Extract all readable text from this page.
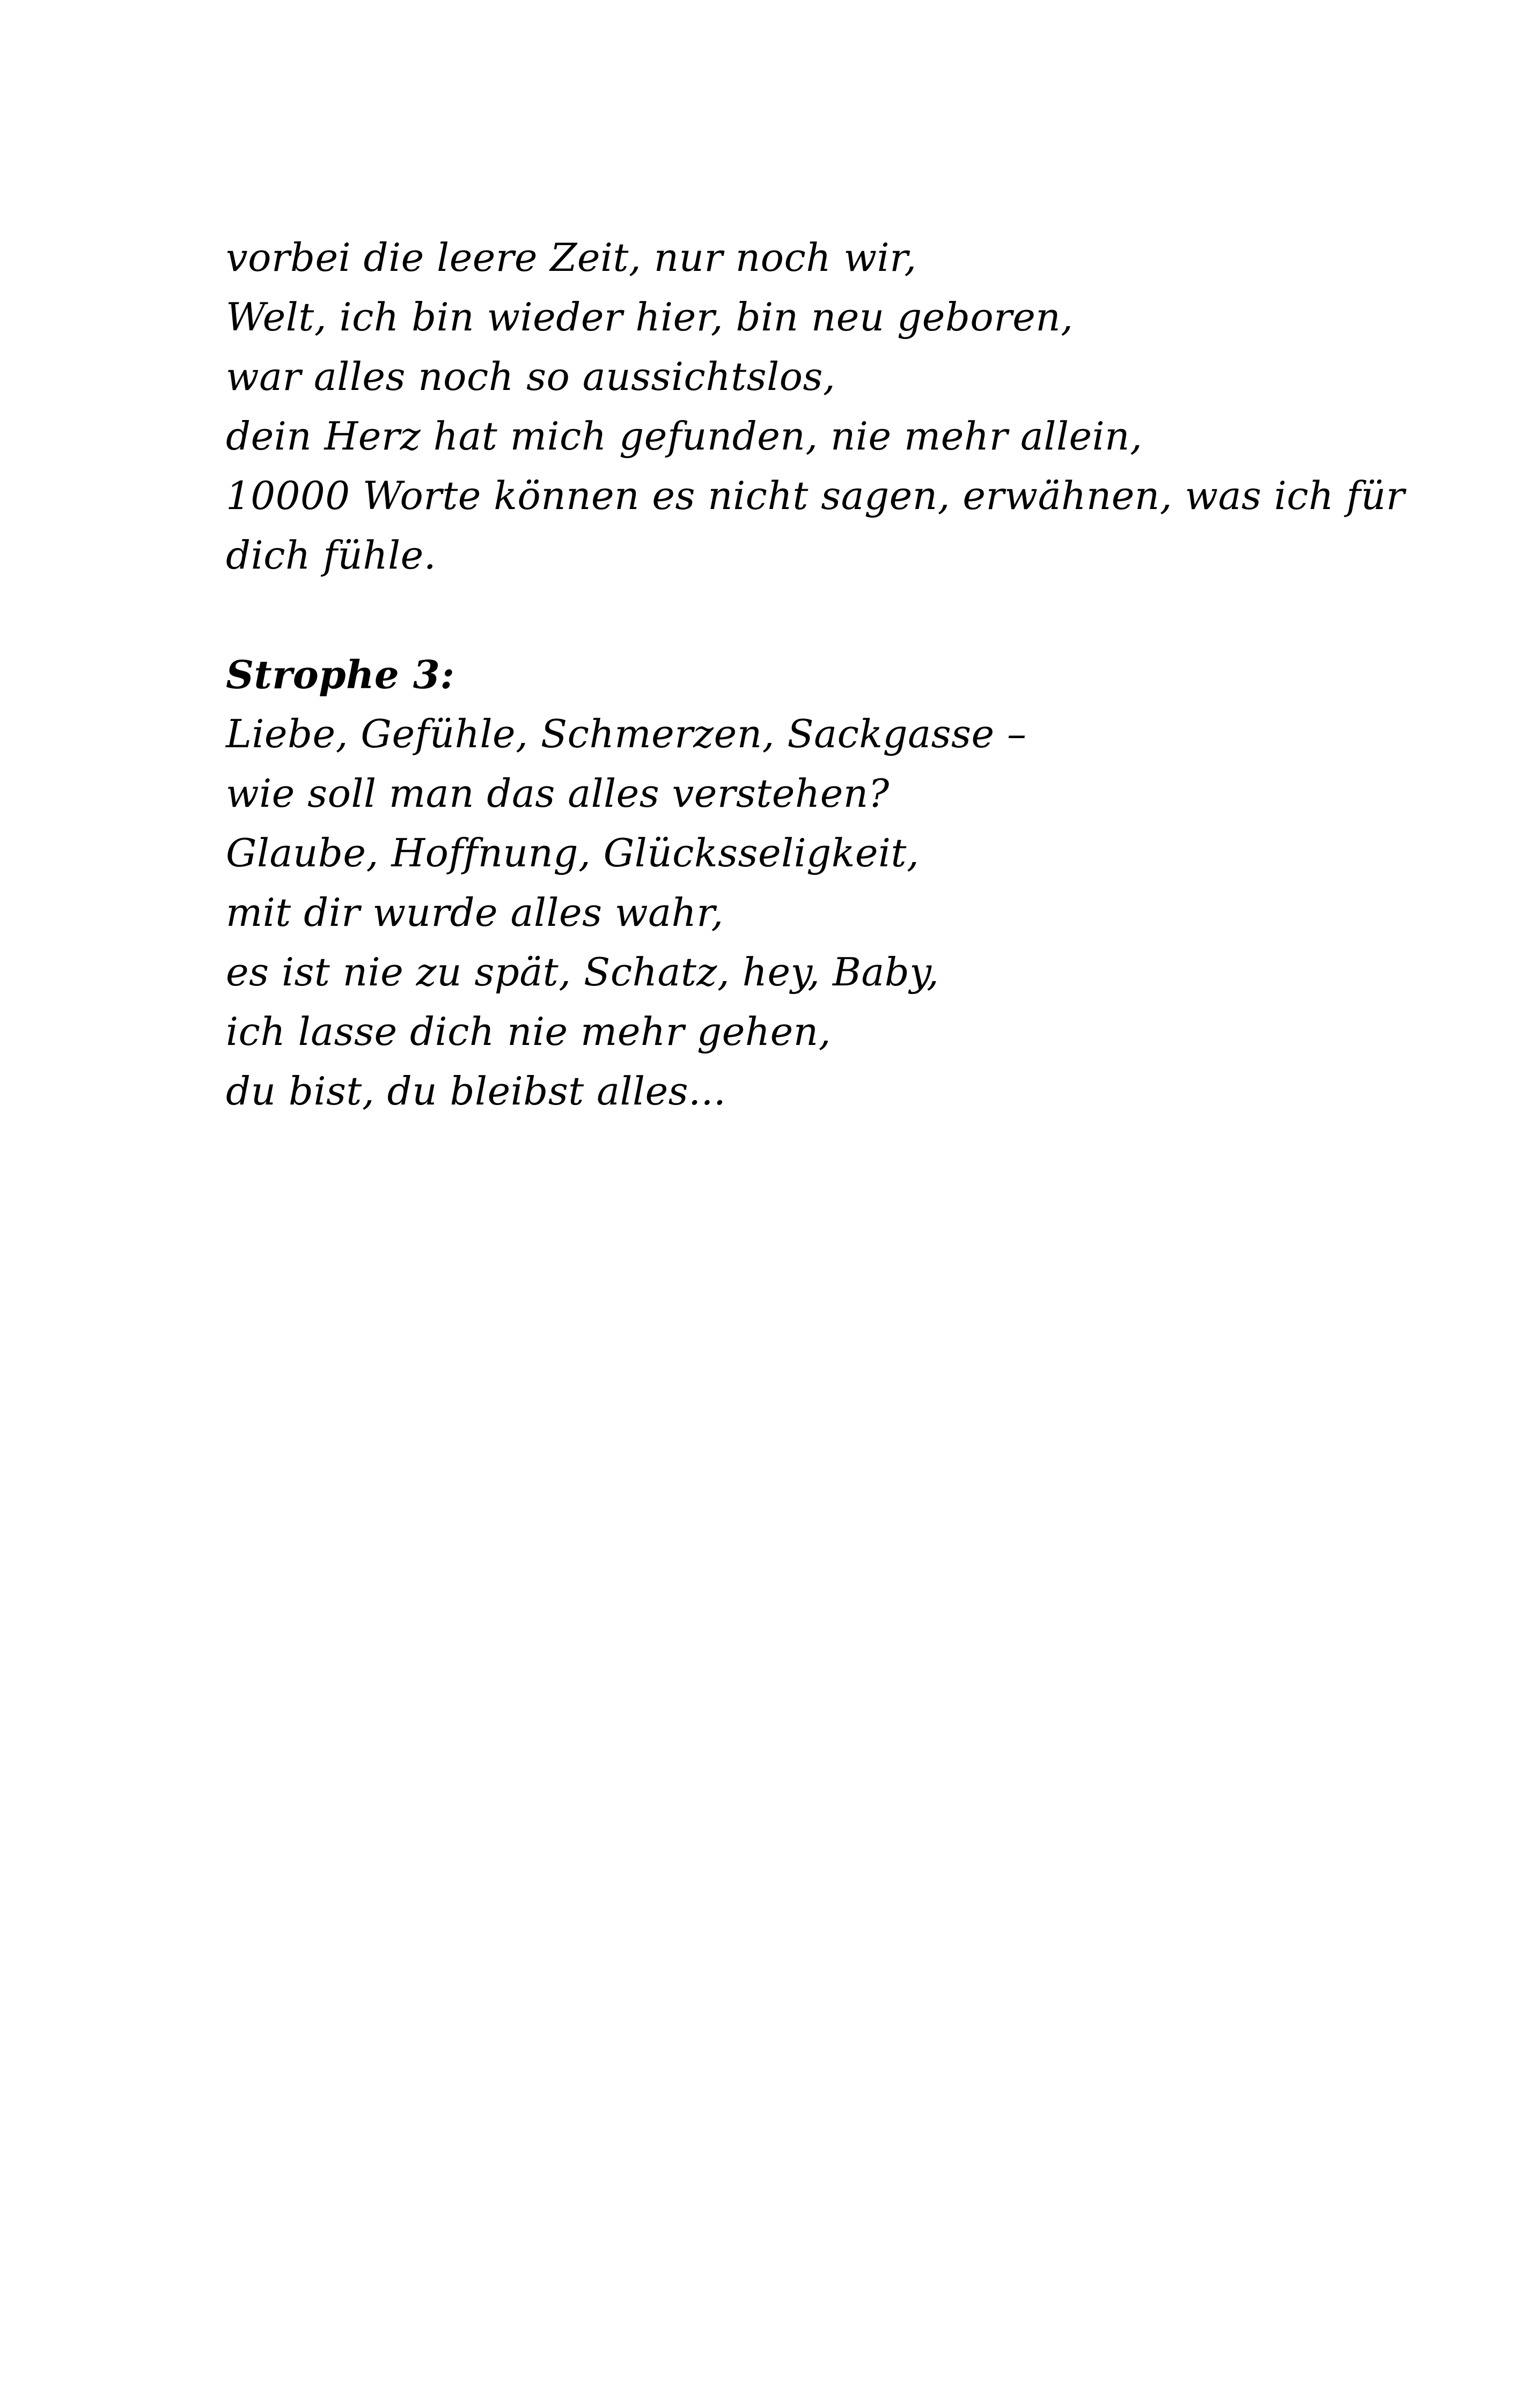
vorbei die leere Zeit, nur noch wir,
Welt, ich bin wieder hier, bin neu geboren,
war alles noch so aussichtslos,
dein Herz hat mich gefunden, nie mehr allein,
10000 Worte können es nicht sagen, erwähnen, was ich für
dich fühle.
Strophe 3:
Liebe, Gefühle, Schmerzen, Sackgasse –
wie soll man das alles verstehen?
Glaube, Hoffnung, Glücksseligkeit,
mit dir wurde alles wahr,
es ist nie zu spät, Schatz, hey, Baby,
ich lasse dich nie mehr gehen,
du bist, du bleibst alles...
